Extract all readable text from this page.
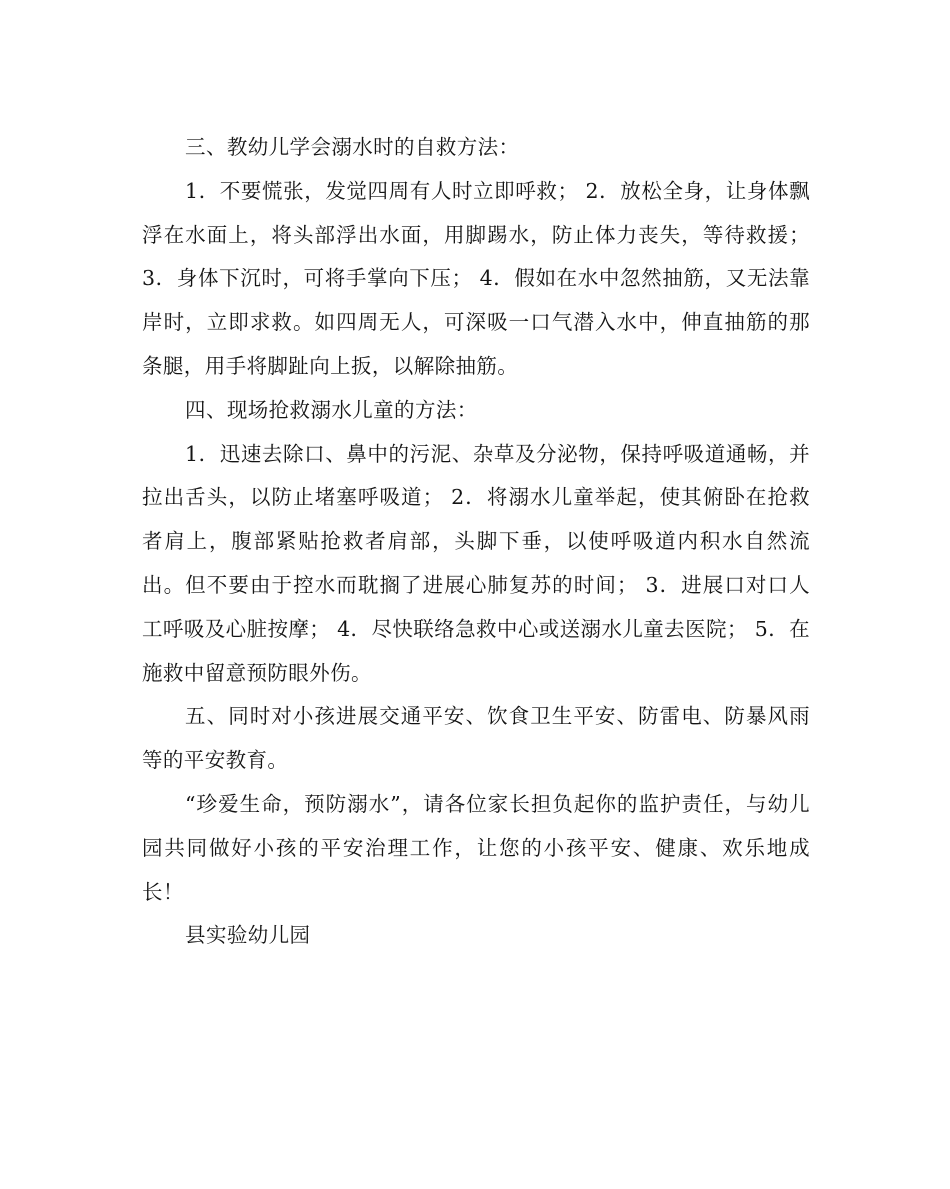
三、教幼儿学会溺水时的自救方法：

1．不要慌张，发觉四周有人时立即呼救； 2．放松全身，让身体飘浮在水面上，将头部浮出水面，用脚踢水，防止体力丧失，等待救援； 3．身体下沉时，可将手掌向下压； 4．假如在水中忽然抽筋，又无法靠岸时，立即求救。如四周无人，可深吸一口气潜入水中，伸直抽筋的那条腿，用手将脚趾向上扳，以解除抽筋。

四、现场抢救溺水儿童的方法：

1．迅速去除口、鼻中的污泥、杂草及分泌物，保持呼吸道通畅，并拉出舌头，以防止堵塞呼吸道； 2．将溺水儿童举起，使其俯卧在抢救者肩上，腹部紧贴抢救者肩部，头脚下垂，以使呼吸道内积水自然流出。但不要由于控水而耽搁了进展心肺复苏的时间； 3．进展口对口人工呼吸及心脏按摩； 4．尽快联络急救中心或送溺水儿童去医院； 5．在施救中留意预防眼外伤。

五、同时对小孩进展交通平安、饮食卫生平安、防雷电、防暴风雨等的平安教育。

“珍爱生命，预防溺水”，请各位家长担负起你的监护责任，与幼儿园共同做好小孩的平安治理工作，让您的小孩平安、健康、欢乐地成长！

县实验幼儿园
